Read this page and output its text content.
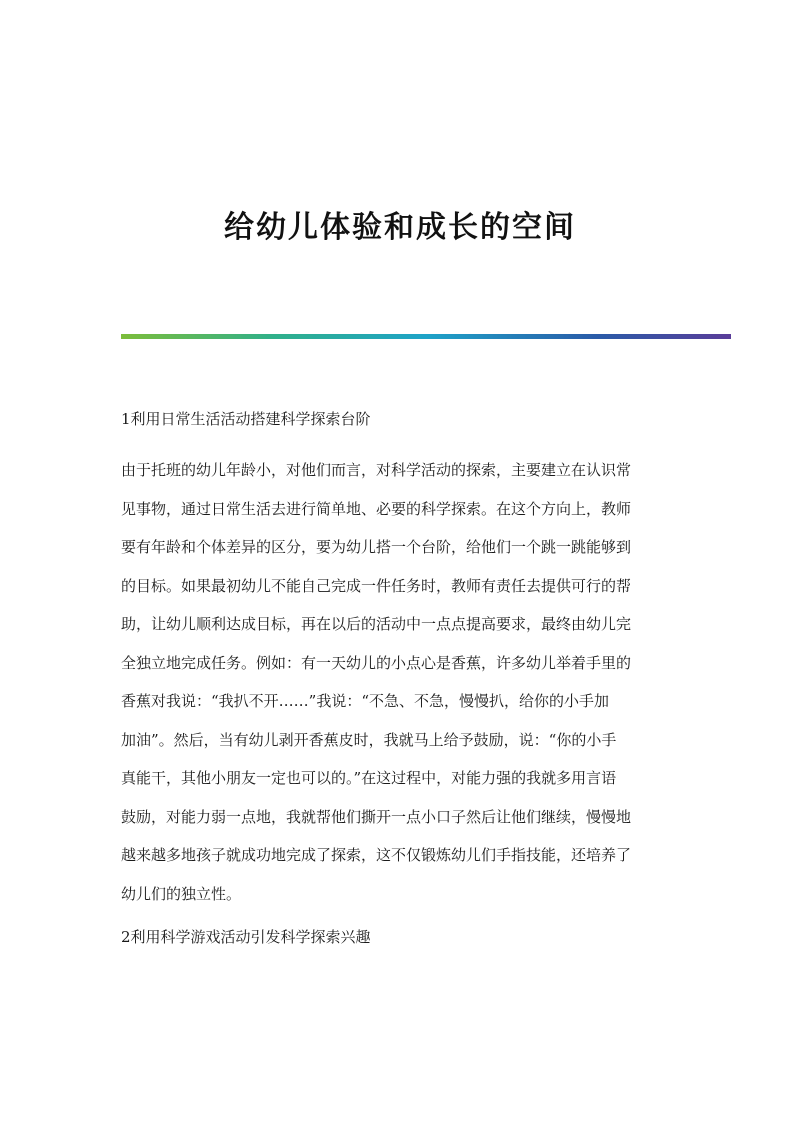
给幼儿体验和成长的空间
1利用日常生活活动搭建科学探索台阶

由于托班的幼儿年龄小，对他们而言，对科学活动的探索，主要建立在认识常
见事物，通过日常生活去进行简单地、必要的科学探索。在这个方向上，教师
要有年龄和个体差异的区分，要为幼儿搭一个台阶，给他们一个跳一跳能够到
的目标。如果最初幼儿不能自己完成一件任务时，教师有责任去提供可行的帮
助，让幼儿顺利达成目标，再在以后的活动中一点点提高要求，最终由幼儿完
全独立地完成任务。例如：有一天幼儿的小点心是香蕉，许多幼儿举着手里的
香蕉对我说：“我扒不开……”我说：“不急、不急，慢慢扒，给你的小手加
加油”。然后，当有幼儿剥开香蕉皮时，我就马上给予鼓励，说：“你的小手
真能干，其他小朋友一定也可以的。”在这过程中，对能力强的我就多用言语
鼓励，对能力弱一点地，我就帮他们撕开一点小口子然后让他们继续，慢慢地
越来越多地孩子就成功地完成了探索，这不仅锻炼幼儿们手指技能，还培养了
幼儿们的独立性。

2利用科学游戏活动引发科学探索兴趣
